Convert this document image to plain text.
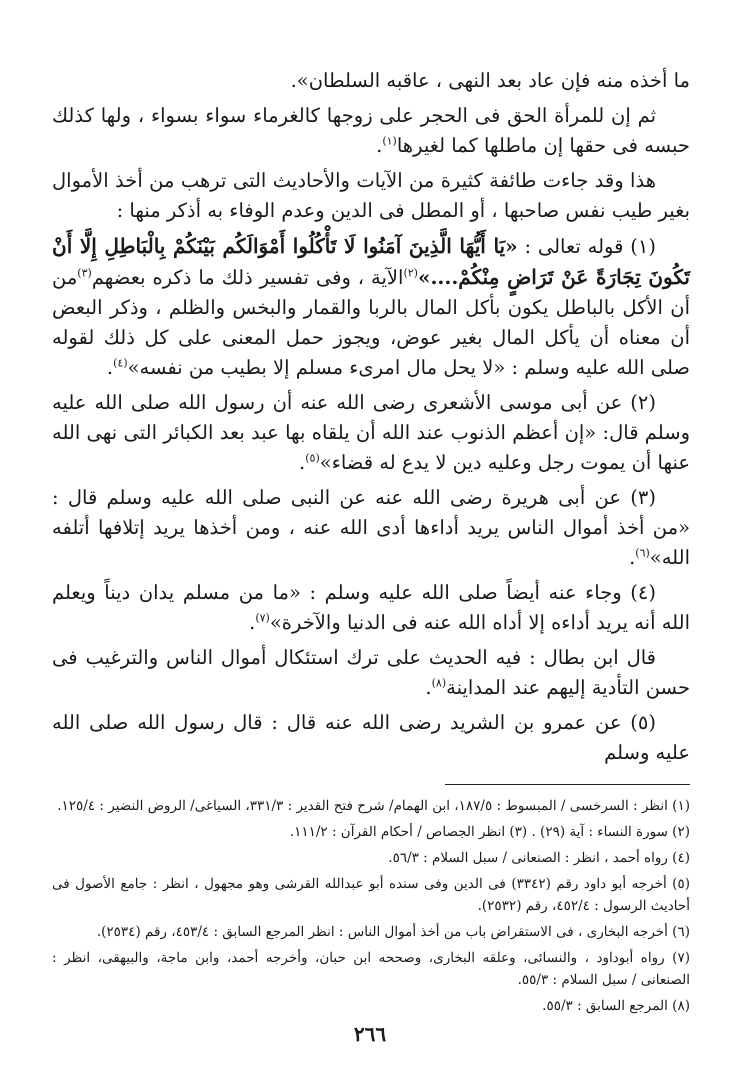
ما أخذه منه فإن عاد بعد النهى ، عاقبه السلطان».

ثم إن للمرأة الحق فى الحجر على زوجها كالغرماء سواء بسواء ، ولها كذلك حبسه فى حقها إن ماطلها كما لغيرها$^{(١)}$.

هذا وقد جاءت طائفة كثيرة من الآيات والأحاديث التى ترهب من أخذ الأموال بغير طيب نفس صاحبها ، أو المطل فى الدين وعدم الوفاء به أذكر منها :

(١) قوله تعالى : «يَا أَيُّهَا الَّذِينَ آمَنُوا لَا تَأْكُلُوا أَمْوَالَكُم بَيْنَكُمْ بِالْبَاطِلِ إِلَّا أَنْ تَكُونَ تِجَارَةً عَنْ تَرَاضٍ مِنْكُمْ....»$^{(٢)}$الآية ، وفى تفسير ذلك ما ذكره بعضهم$^{(٣)}$من أن الأكل بالباطل يكون بأكل المال بالربا والقمار والبخس والظلم ، وذكر البعض أن معناه أن يأكل المال بغير عوض، ويجوز حمل المعنى على كل ذلك لقوله صلى الله عليه وسلم : «لا يحل مال امرىء مسلم إلا بطيب من نفسه»$^{(٤)}$.

(٢) عن أبى موسى الأشعرى رضى الله عنه أن رسول الله صلى الله عليه وسلم قال: «إن أعظم الذنوب عند الله أن يلقاه بها عبد بعد الكبائر التى نهى الله عنها أن يموت رجل وعليه دين لا يدع له قضاء»$^{(٥)}$.

(٣) عن أبى هريرة رضى الله عنه عن النبى صلى الله عليه وسلم قال : «من أخذ أموال الناس يريد أداءها أدى الله عنه ، ومن أخذها يريد إتلافها أتلفه الله»$^{(٦)}$.

(٤) وجاء عنه أيضاً صلى الله عليه وسلم : «ما من مسلم يدان ديناً ويعلم الله أنه يريد أداءه إلا أداه الله عنه فى الدنيا والآخرة»$^{(٧)}$.

قال ابن بطال : فيه الحديث على ترك استئكال أموال الناس والترغيب فى حسن التأدية إليهم عند المداينة$^{(٨)}$.

(٥) عن عمرو بن الشريد رضى الله عنه قال : قال رسول الله صلى الله عليه وسلم

(١) انظر : السرخسى / المبسوط : ١٨٧/٥، ابن الهمام/ شرح فتح القدير : ٣٣١/٣، السياغى/ الروض النضير : ١٢٥/٤.

(٢) سورة النساء : آية (٢٩) . (٣) انظر الجصاص / أحكام القرآن : ١١١/٢.

(٤) رواه أحمد ، انظر : الصنعانى / سبل السلام : ٥٦/٣.

(٥) أخرجه أبو داود رقم (٣٣٤٢) فى الدين وفى سنده أبو عبدالله القرشى وهو مجهول ، انظر : جامع الأصول فى أحاديث الرسول : ٤٥٢/٤، رقم (٢٥٣٢).

(٦) أخرجه البخارى ، فى الاستقراض باب من أخذ أموال الناس : انظر المرجع السابق : ٤٥٣/٤، رقم (٢٥٣٤).

(٧) رواه أبوداود ، والنسائى، وعلقه البخارى، وصححه ابن حبان، وأخرجه أحمد، وابن ماجة، والبيهقى، انظر : الصنعانى / سبل السلام : ٥٥/٣.

(٨) المرجع السابق : ٥٥/٣.

٢٦٦
